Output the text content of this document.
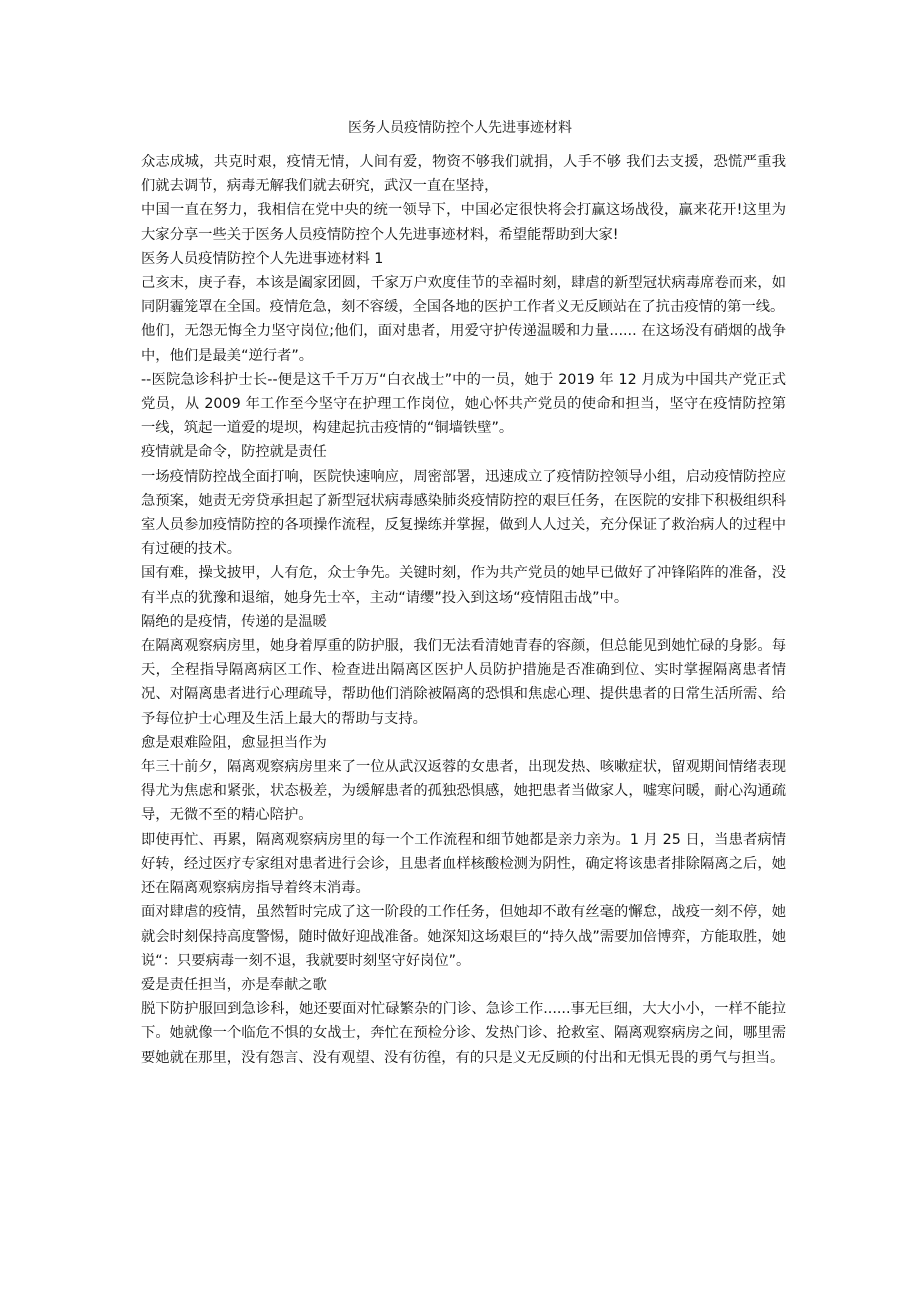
医务人员疫情防控个人先进事迹材料

众志成城，共克时艰，疫情无情，人间有爱，物资不够我们就捐，人手不够 我们去支援，恐慌严重我们就去调节，病毒无解我们就去研究，武汉一直在坚持，

中国一直在努力，我相信在党中央的统一领导下，中国必定很快将会打赢这场战役，赢来花开!这里为大家分享一些关于医务人员疫情防控个人先进事迹材料，希望能帮助到大家!

医务人员疫情防控个人先进事迹材料 1

己亥末，庚子春，本该是阖家团圆，千家万户欢度佳节的幸福时刻，肆虐的新型冠状病毒席卷而来，如同阴霾笼罩在全国。疫情危急，刻不容缓，全国各地的医护工作者义无反顾站在了抗击疫情的第一线。

他们，无怨无悔全力坚守岗位;他们，面对患者，用爱守护传递温暖和力量...... 在这场没有硝烟的战争中，他们是最美“逆行者”。

--医院急诊科护士长--便是这千千万万“白衣战士”中的一员，她于 2019 年 12 月成为中国共产党正式党员，从 2009 年工作至今坚守在护理工作岗位，她心怀共产党员的使命和担当，坚守在疫情防控第一线，筑起一道爱的堤坝，构建起抗击疫情的“铜墙铁壁”。

疫情就是命令，防控就是责任

一场疫情防控战全面打响，医院快速响应，周密部署，迅速成立了疫情防控领导小组，启动疫情防控应急预案，她责无旁贷承担起了新型冠状病毒感染肺炎疫情防控的艰巨任务，在医院的安排下积极组织科室人员参加疫情防控的各项操作流程，反复操练并掌握，做到人人过关，充分保证了救治病人的过程中有过硬的技术。

国有难，操戈披甲，人有危，众士争先。关键时刻，作为共产党员的她早已做好了冲锋陷阵的准备，没有半点的犹豫和退缩，她身先士卒，主动“请缨”投入到这场“疫情阻击战”中。

隔绝的是疫情，传递的是温暖

在隔离观察病房里，她身着厚重的防护服，我们无法看清她青春的容颜，但总能见到她忙碌的身影。每天，全程指导隔离病区工作、检查进出隔离区医护人员防护措施是否准确到位、实时掌握隔离患者情况、对隔离患者进行心理疏导，帮助他们消除被隔离的恐惧和焦虑心理、提供患者的日常生活所需、给予每位护士心理及生活上最大的帮助与支持。

愈是艰难险阻，愈显担当作为

年三十前夕，隔离观察病房里来了一位从武汉返蓉的女患者，出现发热、咳嗽症状，留观期间情绪表现得尤为焦虑和紧张，状态极差，为缓解患者的孤独恐惧感，她把患者当做家人，嘘寒问暖，耐心沟通疏导，无微不至的精心陪护。

即使再忙、再累，隔离观察病房里的每一个工作流程和细节她都是亲力亲为。1 月 25 日，当患者病情好转，经过医疗专家组对患者进行会诊，且患者血样核酸检测为阴性，确定将该患者排除隔离之后，她还在隔离观察病房指导着终末消毒。

面对肆虐的疫情，虽然暂时完成了这一阶段的工作任务，但她却不敢有丝毫的懈怠，战疫一刻不停，她就会时刻保持高度警惕，随时做好迎战准备。她深知这场艰巨的“持久战”需要加倍博弈，方能取胜，她说“：只要病毒一刻不退，我就要时刻坚守好岗位”。

爱是责任担当，亦是奉献之歌

脱下防护服回到急诊科，她还要面对忙碌繁杂的门诊、急诊工作......事无巨细，大大小小，一样不能拉下。她就像一个临危不惧的女战士，奔忙在预检分诊、发热门诊、抢救室、隔离观察病房之间，哪里需要她就在那里，没有怨言、没有观望、没有彷徨，有的只是义无反顾的付出和无惧无畏的勇气与担当。
